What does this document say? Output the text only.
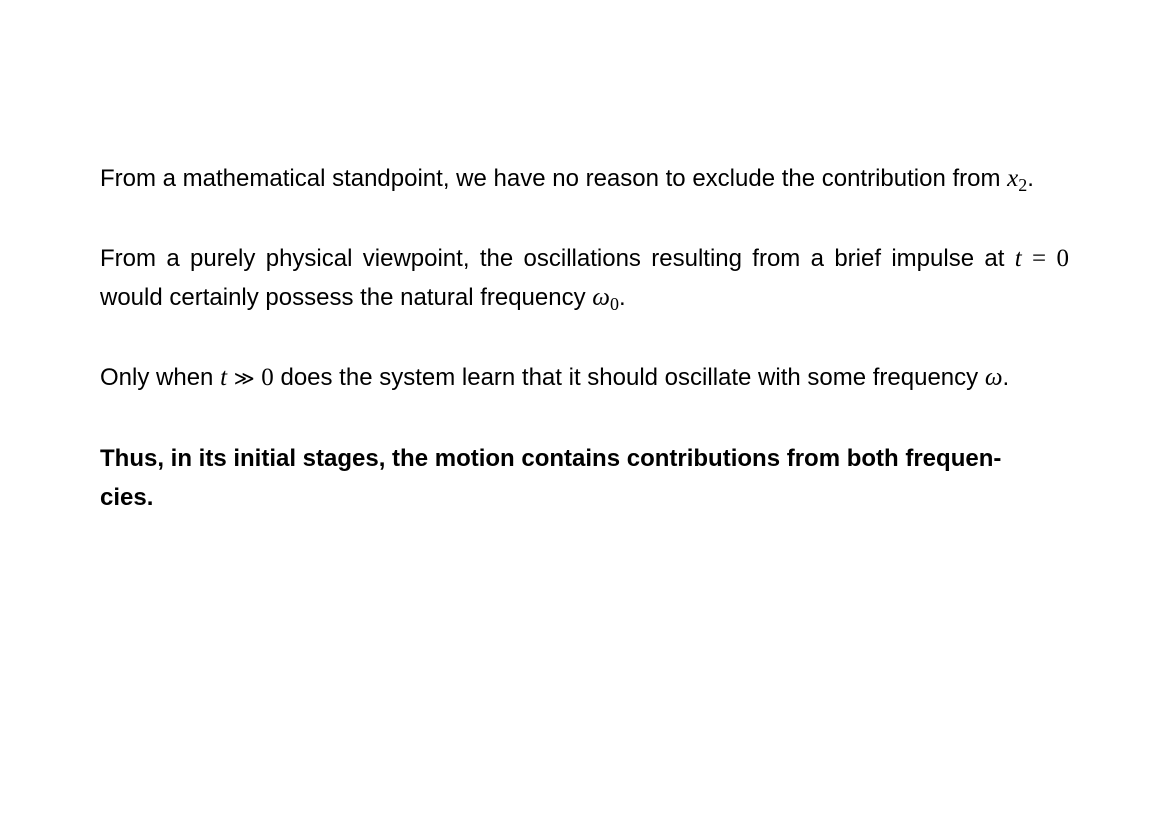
From a mathematical standpoint, we have no reason to exclude the contribution from $x_2$.

From a purely physical viewpoint, the oscillations resulting from a brief impulse at t = 0 would certainly possess the natural frequency $\omega_0$.

Only when t ≫ 0 does the system learn that it should oscillate with some frequency ω.

Thus, in its initial stages, the motion contains contributions from both frequen-
cies.
